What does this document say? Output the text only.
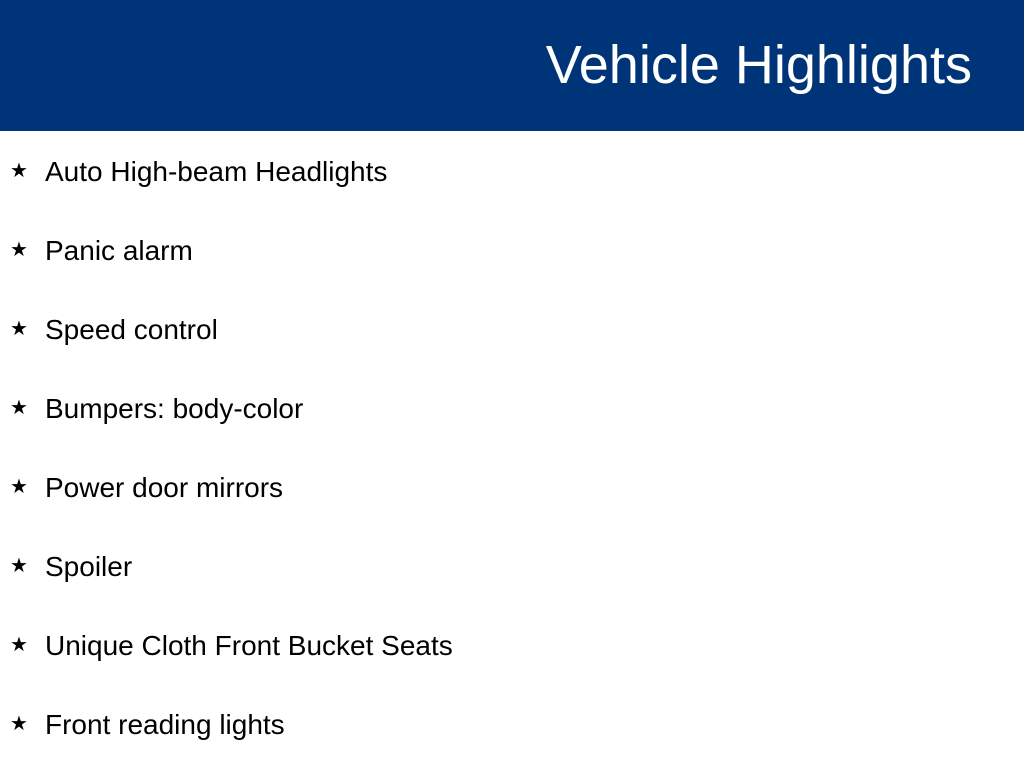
Vehicle Highlights
★ Auto High-beam Headlights
★ Panic alarm
★ Speed control
★ Bumpers: body-color
★ Power door mirrors
★ Spoiler
★ Unique Cloth Front Bucket Seats
★ Front reading lights
